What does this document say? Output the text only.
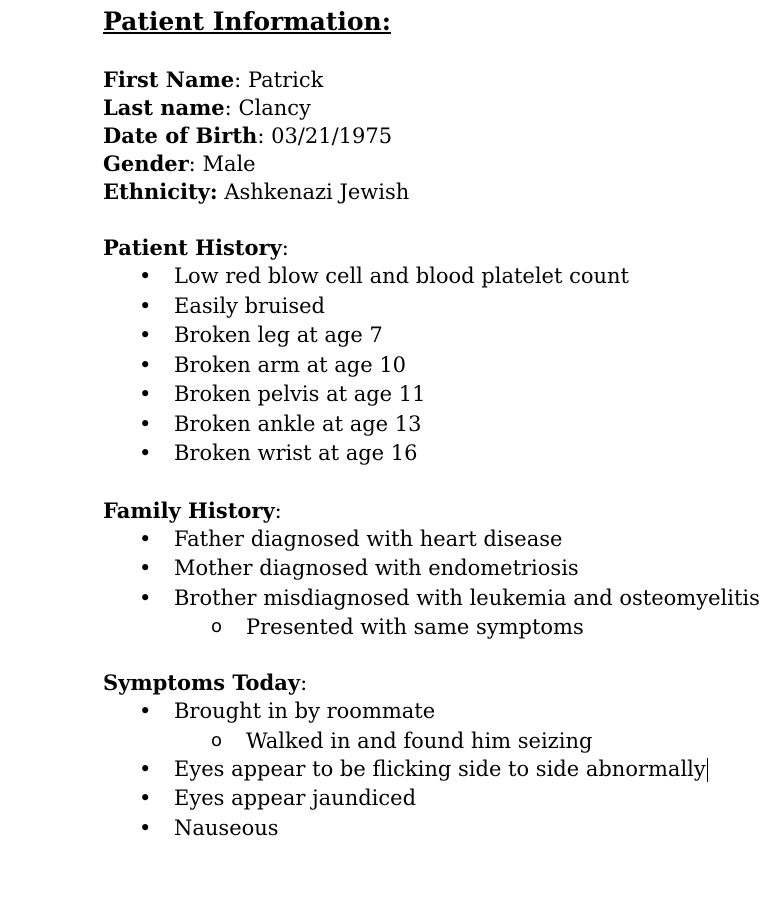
Patient Information:
First Name: Patrick
Last name: Clancy
Date of Birth: 03/21/1975
Gender: Male
Ethnicity: Ashkenazi Jewish
Patient History:
• Low red blow cell and blood platelet count
• Easily bruised
• Broken leg at age 7
• Broken arm at age 10
• Broken pelvis at age 11
• Broken ankle at age 13
• Broken wrist at age 16
Family History:
• Father diagnosed with heart disease
• Mother diagnosed with endometriosis
• Brother misdiagnosed with leukemia and osteomyelitis
o Presented with same symptoms
Symptoms Today:
• Brought in by roommate
o Walked in and found him seizing
• Eyes appear to be flicking side to side abnormally
• Eyes appear jaundiced
• Nauseous
